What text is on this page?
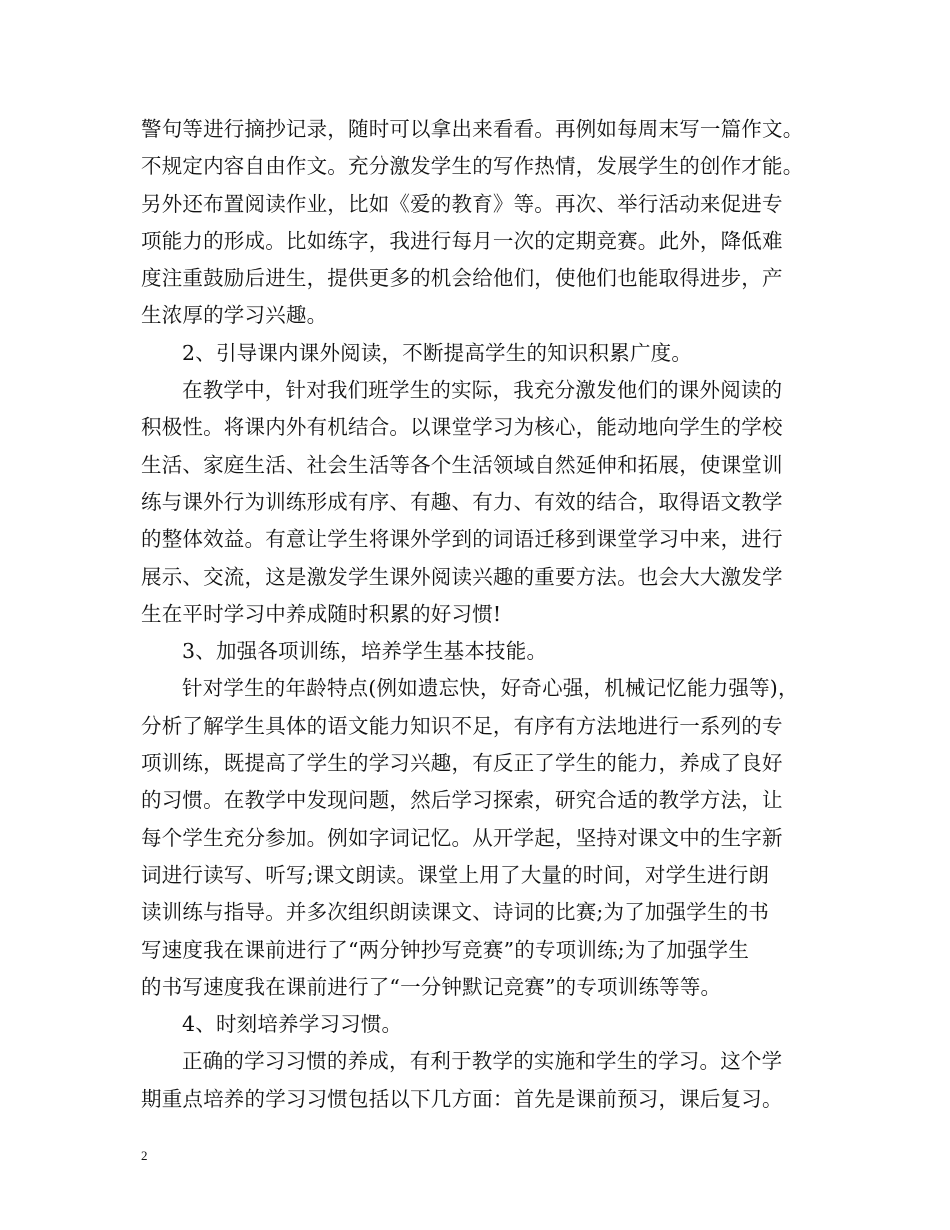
警句等进行摘抄记录，随时可以拿出来看看。再例如每周末写一篇作文。
不规定内容自由作文。充分激发学生的写作热情，发展学生的创作才能。
另外还布置阅读作业，比如《爱的教育》等。再次、举行活动来促进专
项能力的形成。比如练字，我进行每月一次的定期竞赛。此外，降低难
度注重鼓励后进生，提供更多的机会给他们，使他们也能取得进步，产
生浓厚的学习兴趣。
2、引导课内课外阅读，不断提高学生的知识积累广度。
在教学中，针对我们班学生的实际，我充分激发他们的课外阅读的
积极性。将课内外有机结合。以课堂学习为核心，能动地向学生的学校
生活、家庭生活、社会生活等各个生活领域自然延伸和拓展，使课堂训
练与课外行为训练形成有序、有趣、有力、有效的结合，取得语文教学
的整体效益。有意让学生将课外学到的词语迁移到课堂学习中来，进行
展示、交流，这是激发学生课外阅读兴趣的重要方法。也会大大激发学
生在平时学习中养成随时积累的好习惯!
3、加强各项训练，培养学生基本技能。
针对学生的年龄特点(例如遗忘快，好奇心强，机械记忆能力强等)，
分析了解学生具体的语文能力知识不足，有序有方法地进行一系列的专
项训练，既提高了学生的学习兴趣，有反正了学生的能力，养成了良好
的习惯。在教学中发现问题，然后学习探索，研究合适的教学方法，让
每个学生充分参加。例如字词记忆。从开学起，坚持对课文中的生字新
词进行读写、听写;课文朗读。课堂上用了大量的时间，对学生进行朗
读训练与指导。并多次组织朗读课文、诗词的比赛;为了加强学生的书
写速度我在课前进行了“两分钟抄写竞赛”的专项训练;为了加强学生
的书写速度我在课前进行了“一分钟默记竞赛”的专项训练等等。
4、时刻培养学习习惯。
正确的学习习惯的养成，有利于教学的实施和学生的学习。这个学
期重点培养的学习习惯包括以下几方面：首先是课前预习，课后复习。
2
